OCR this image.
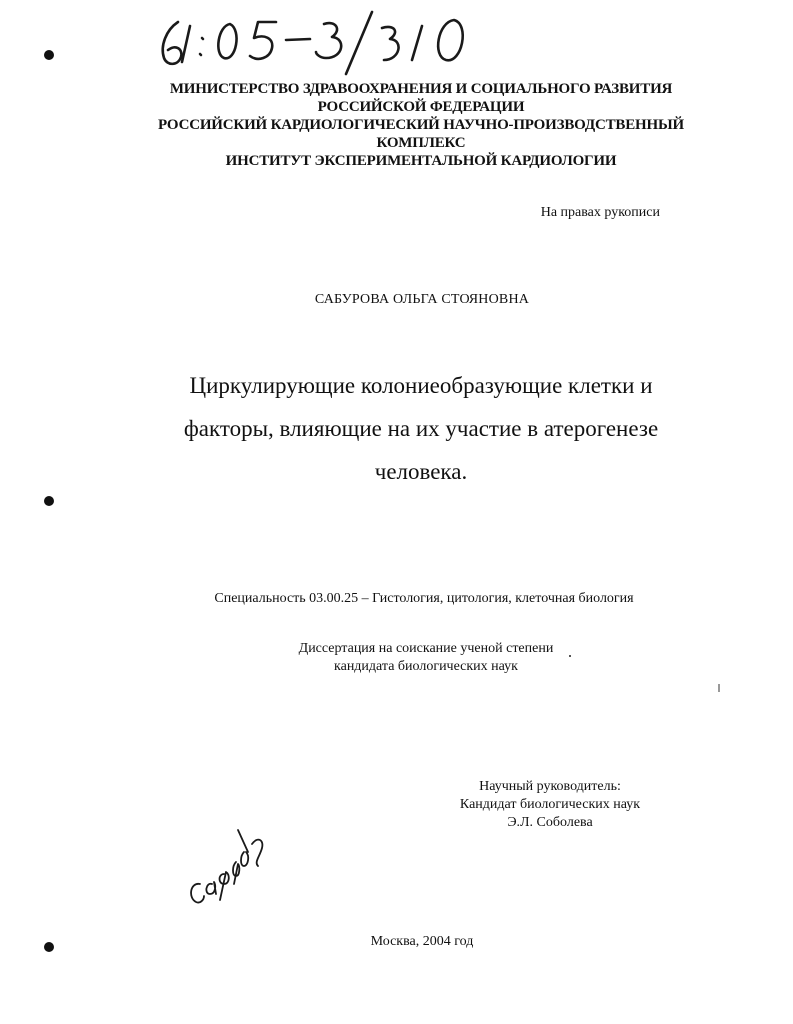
МИНИСТЕРСТВО ЗДРАВООХРАНЕНИЯ И СОЦИАЛЬНОГО РАЗВИТИЯ
РОССИЙСКОЙ ФЕДЕРАЦИИ
РОССИЙСКИЙ КАРДИОЛОГИЧЕСКИЙ НАУЧНО-ПРОИЗВОДСТВЕННЫЙ
КОМПЛЕКС
ИНСТИТУТ ЭКСПЕРИМЕНТАЛЬНОЙ КАРДИОЛОГИИ
На правах рукописи
САБУРОВА ОЛЬГА СТОЯНОВНА
Циркулирующие колониеобразующие клетки и
факторы, влияющие на их участие в атерогенезе
человека.
Специальность 03.00.25 – Гистология, цитология, клеточная биология
Диссертация на соискание ученой степени
кандидата биологических наук
Научный руководитель:
Кандидат биологических наук
Э.Л. Соболева
Москва, 2004 год
